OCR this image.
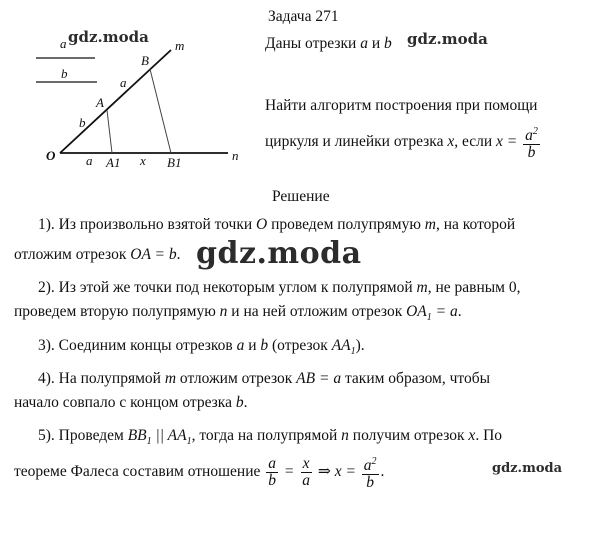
Задача 271
gdz.moda
a	m
B
b
a
A
b
O	n
a A1 x B1
Даны отрезки a и b gdz.moda
Найти алгоритм построения при помощи
циркуля и линейки отрезка x, если $x = \frac{a^2}{b}$
Решение
1). Из произвольно взятой точки O проведем полупрямую m, на которой
отложим отрезок OA = b. gdz.moda
2). Из этой же точки под некоторым углом к полупрямой m, не равным 0,
проведем вторую полупрямую n и на ней отложим отрезок $OA_1 = a$.
3). Соединим концы отрезков a и b (отрезок $AA_1$).
4). На полупрямой m отложим отрезок AB = a таким образом, чтобы
начало совпало с концом отрезка b.
5). Проведем $BB_1$ || $AA_1$, тогда на полупрямой n получим отрезок x. По
теореме Фалеса составим отношение $\frac{a}{b} = \frac{x}{a}$ ⇒ $x = \frac{a^2}{b}$ .	gdz.moda
